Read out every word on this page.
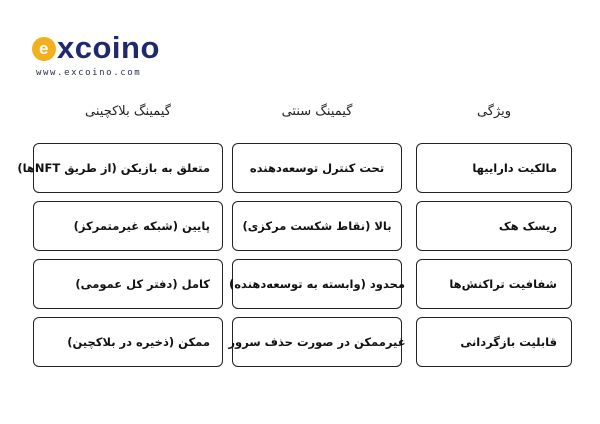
e xcoino
www.excoino.com
ویژگی
گیمینگ سنتی
گیمینگ بلاکچینی
مالکیت داراییها
تحت کنترل توسعه‌دهنده
متعلق به بازیکن (از طریق NFTها)
ریسک هک
بالا (نقاط شکست مرکزی)
پایین (شبکه غیرمتمرکز)
شفافیت تراکنش‌ها
محدود (وابسته به توسعه‌دهنده)
کامل (دفتر کل عمومی)
قابلیت بازگردانی
غیرممکن در صورت حذف سرور
ممکن (ذخیره در بلاکچین)
